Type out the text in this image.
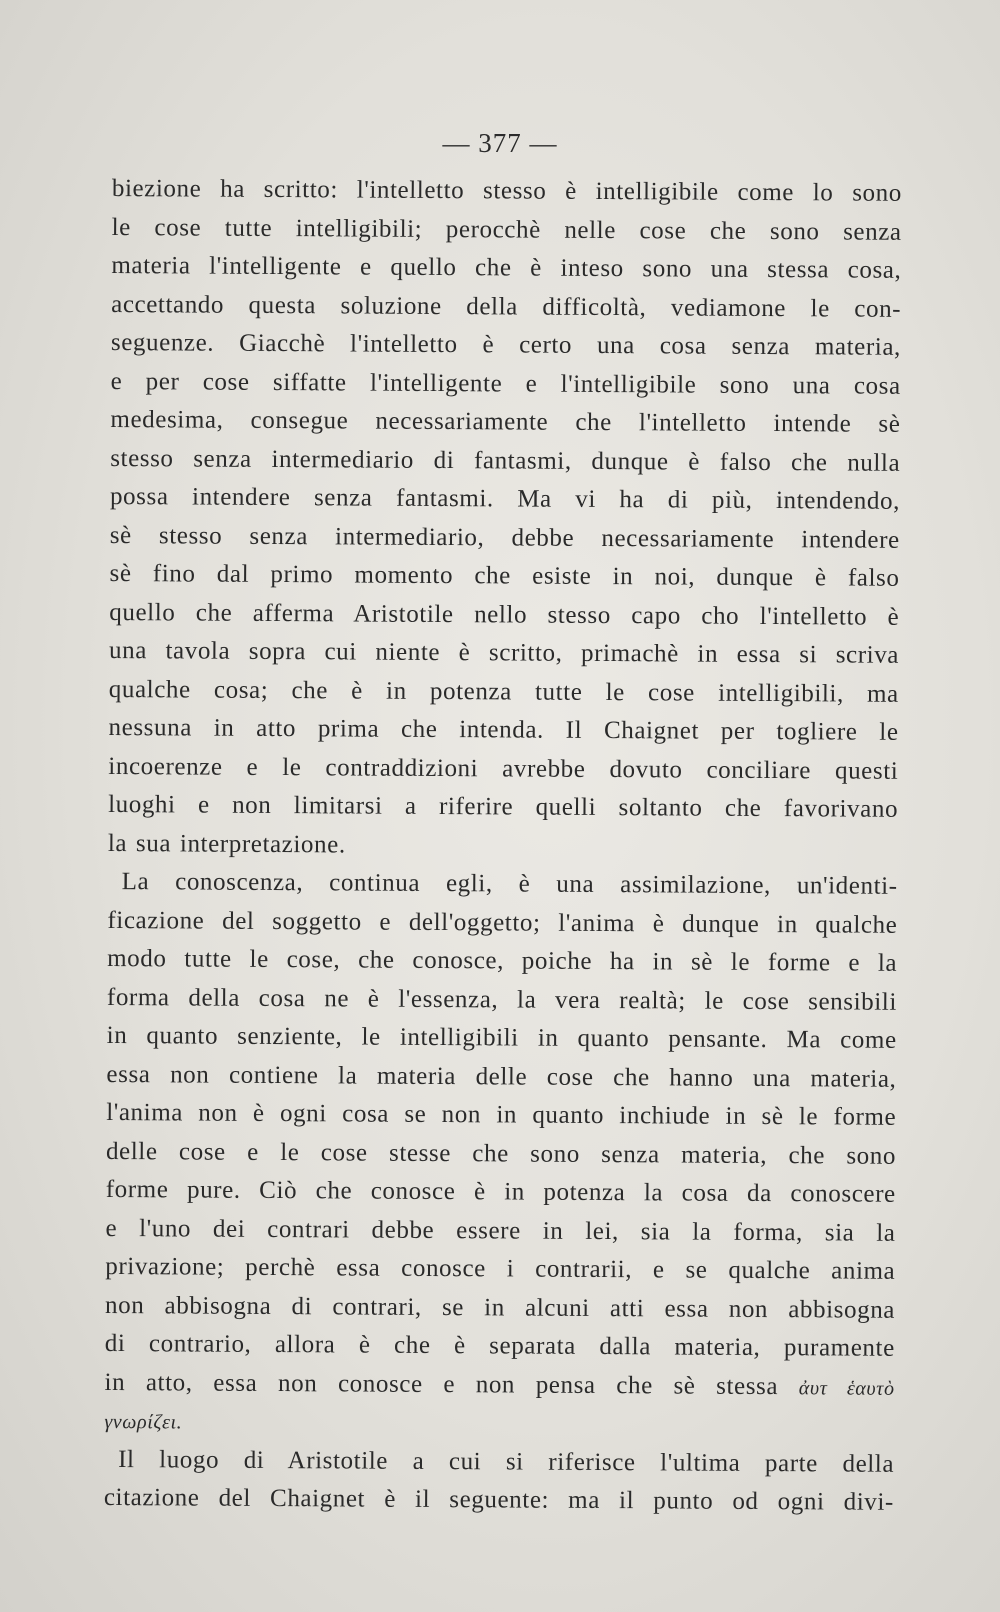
— 377 —
biezione ha scritto: l'intelletto stesso è intelligibile come lo sono
le cose tutte intelligibili; perocchè nelle cose che sono senza
materia l'intelligente e quello che è inteso sono una stessa cosa,
accettando questa soluzione della difficoltà, vediamone le con-
seguenze. Giacchè l'intelletto è certo una cosa senza materia,
e per cose siffatte l'intelligente e l'intelligibile sono una cosa
medesima, consegue necessariamente che l'intelletto intende sè
stesso senza intermediario di fantasmi, dunque è falso che nulla
possa intendere senza fantasmi. Ma vi ha di più, intendendo,
sè stesso senza intermediario, debbe necessariamente intendere
sè fino dal primo momento che esiste in noi, dunque è falso
quello che afferma Aristotile nello stesso capo cho l'intelletto è
una tavola sopra cui niente è scritto, primachè in essa si scriva
qualche cosa; che è in potenza tutte le cose intelligibili, ma
nessuna in atto prima che intenda. Il Chaignet per togliere le
incoerenze e le contraddizioni avrebbe dovuto conciliare questi
luoghi e non limitarsi a riferire quelli soltanto che favorivano
la sua interpretazione.
La conoscenza, continua egli, è una assimilazione, un'identi-
ficazione del soggetto e dell'oggetto; l'anima è dunque in qualche
modo tutte le cose, che conosce, poiche ha in sè le forme e la
forma della cosa ne è l'essenza, la vera realtà; le cose sensibili
in quanto senziente, le intelligibili in quanto pensante. Ma come
essa non contiene la materia delle cose che hanno una materia,
l'anima non è ogni cosa se non in quanto inchiude in sè le forme
delle cose e le cose stesse che sono senza materia, che sono
forme pure. Ciò che conosce è in potenza la cosa da conoscere
e l'uno dei contrari debbe essere in lei, sia la forma, sia la
privazione; perchè essa conosce i contrarii, e se qualche anima
non abbisogna di contrari, se in alcuni atti essa non abbisogna
di contrario, allora è che è separata dalla materia, puramente
in atto, essa non conosce e non pensa che sè stessa ἀυτ ἑαυτὸ
γνωρίζει.
Il luogo di Aristotile a cui si riferisce l'ultima parte della
citazione del Chaignet è il seguente: ma il punto od ogni divi-
